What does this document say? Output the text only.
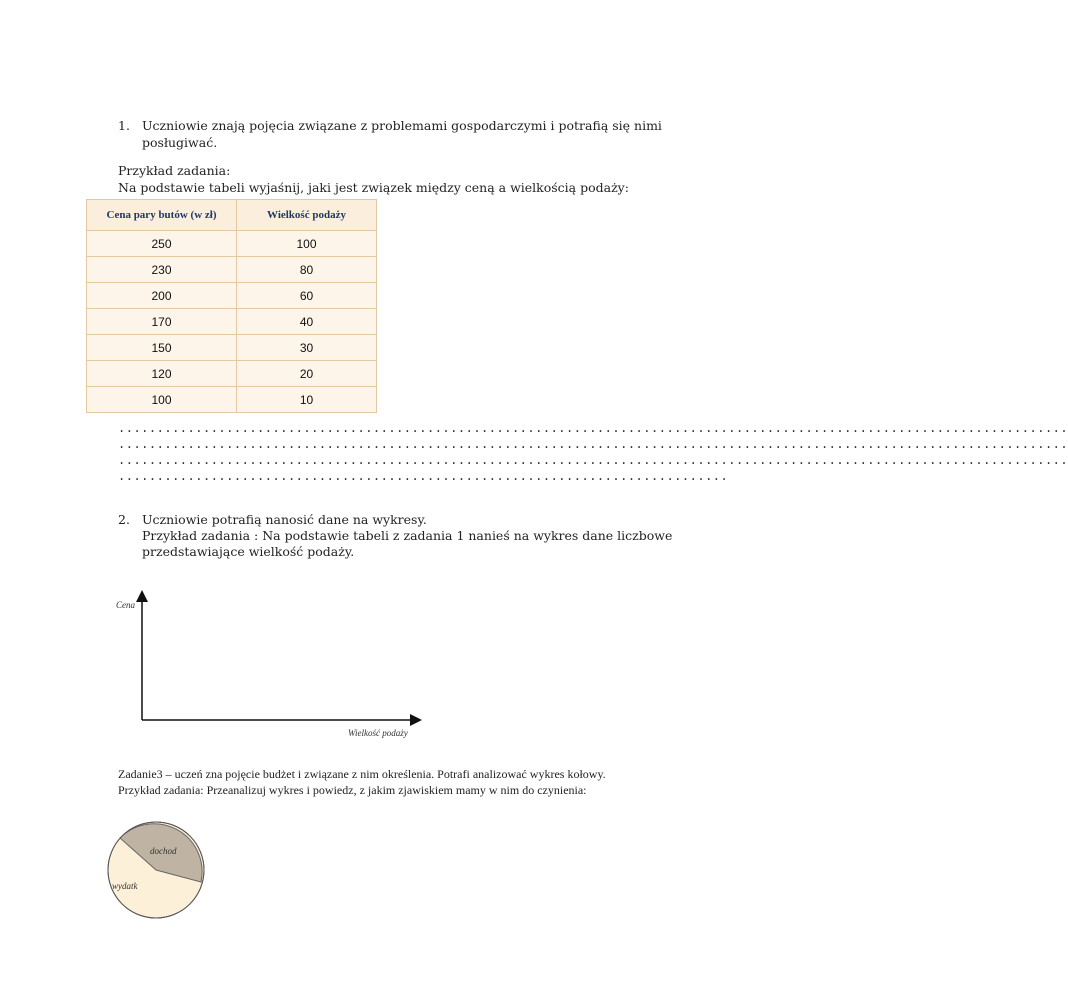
1. Uczniowie znają pojęcia związane z problemami gospodarczymi i potrafią się nimi
posługiwać.
Przykład zadania:
Na podstawie tabeli wyjaśnij, jaki jest związek między ceną a wielkością podaży:
Cena pary butów (w zł)	Wielkość podaży
250	100
230	80
200	60
170	40
150	30
120	20
100	10
...........................................................................................................................
...........................................................................................................................
...........................................................................................................................
...............................................................................
2. Uczniowie potrafią nanosić dane na wykresy.
Przykład zadania : Na podstawie tabeli z zadania 1 nanieś na wykres dane liczbowe
przedstawiające wielkość podaży.
Cena
Wielkość podaży
Zadanie3 – uczeń zna pojęcie budżet i związane z nim określenia. Potrafi analizować wykres kołowy.
Przykład zadania: Przeanalizuj wykres i powiedz, z jakim zjawiskiem mamy w nim do czynienia:
dochod
wydatk
